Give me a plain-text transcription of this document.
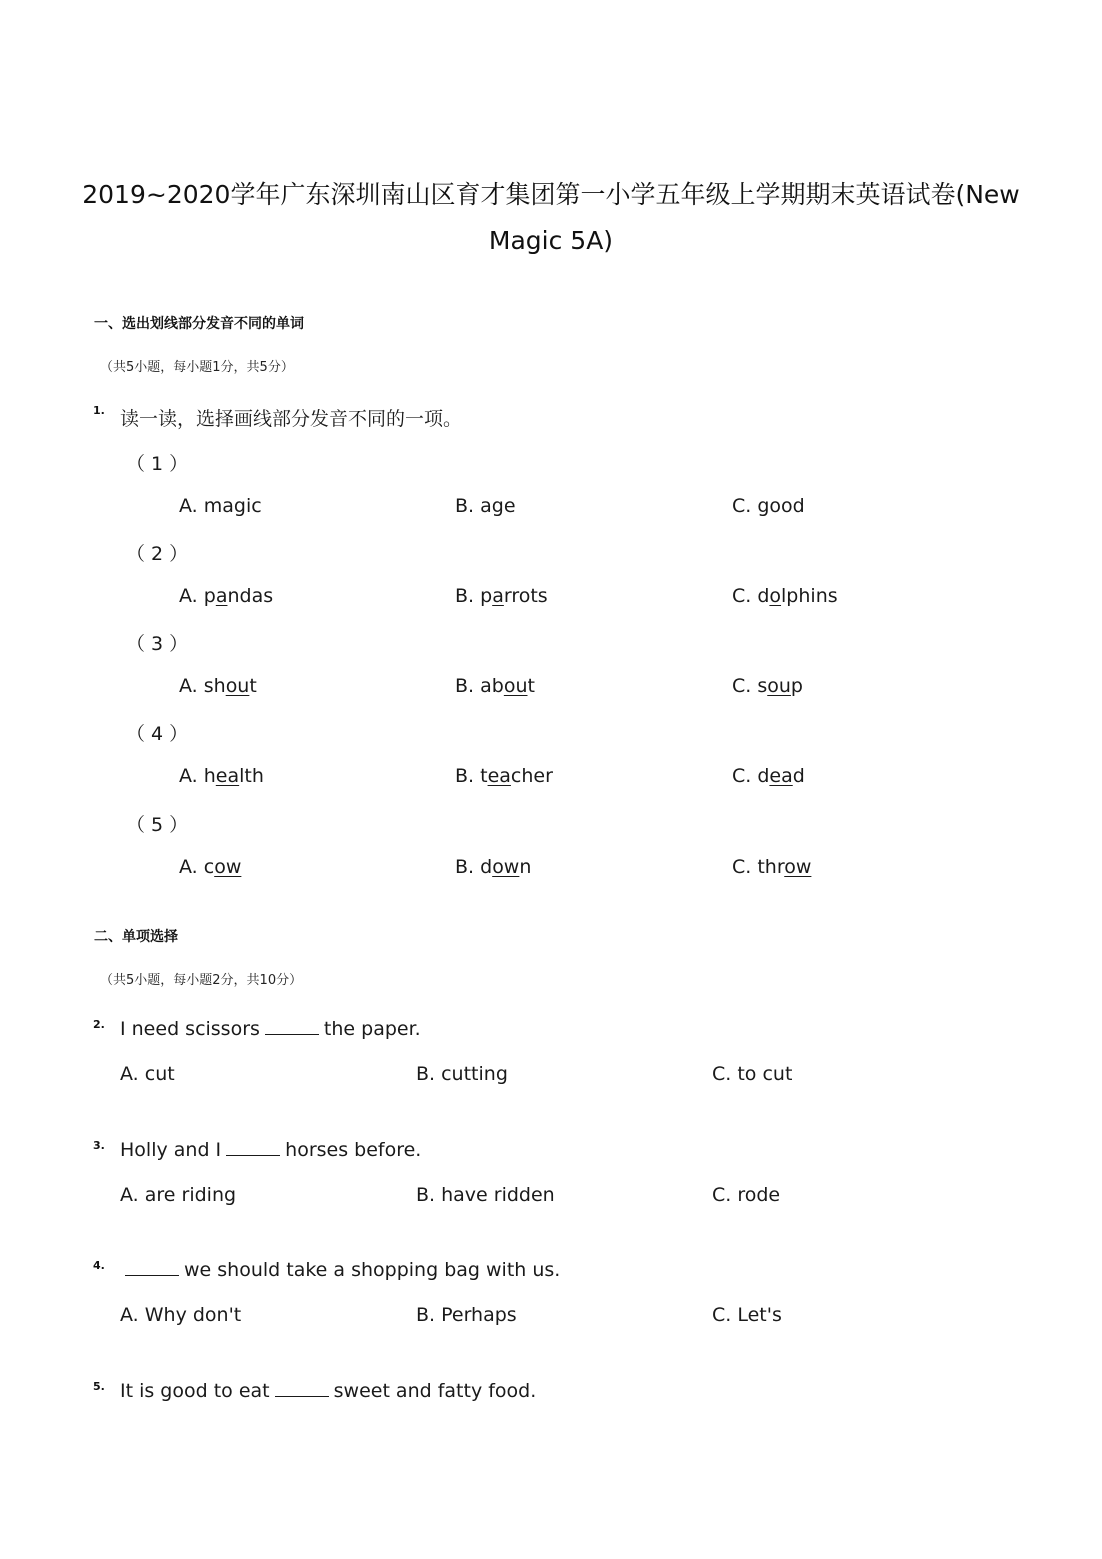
2019~2020学年广东深圳南山区育才集团第一小学五年级上学期期末英语试卷(New
Magic 5A)
一、选出划线部分发音不同的单词
（共5小题，每小题1分，共5分）
1. 读一读，选择画线部分发音不同的一项。
（ 1 ）
A. magic	B. age	C. good
（ 2 ）
A. pandas	B. parrots	C. dolphins
（ 3 ）
A. shout	B. about	C. soup
（ 4 ）
A. health	B. teacher	C. dead
（ 5 ）
A. cow	B. down	C. throw
二、单项选择
（共5小题，每小题2分，共10分）
2. I need scissors	the paper.
A. cut	B. cutting	C. to cut
3. Holly and I	horses before.
A. are riding	B. have ridden	C. rode
4.	we should take a shopping bag with us.
A. Why don't	B. Perhaps	C. Let's
5. It is good to eat	sweet and fatty food.
